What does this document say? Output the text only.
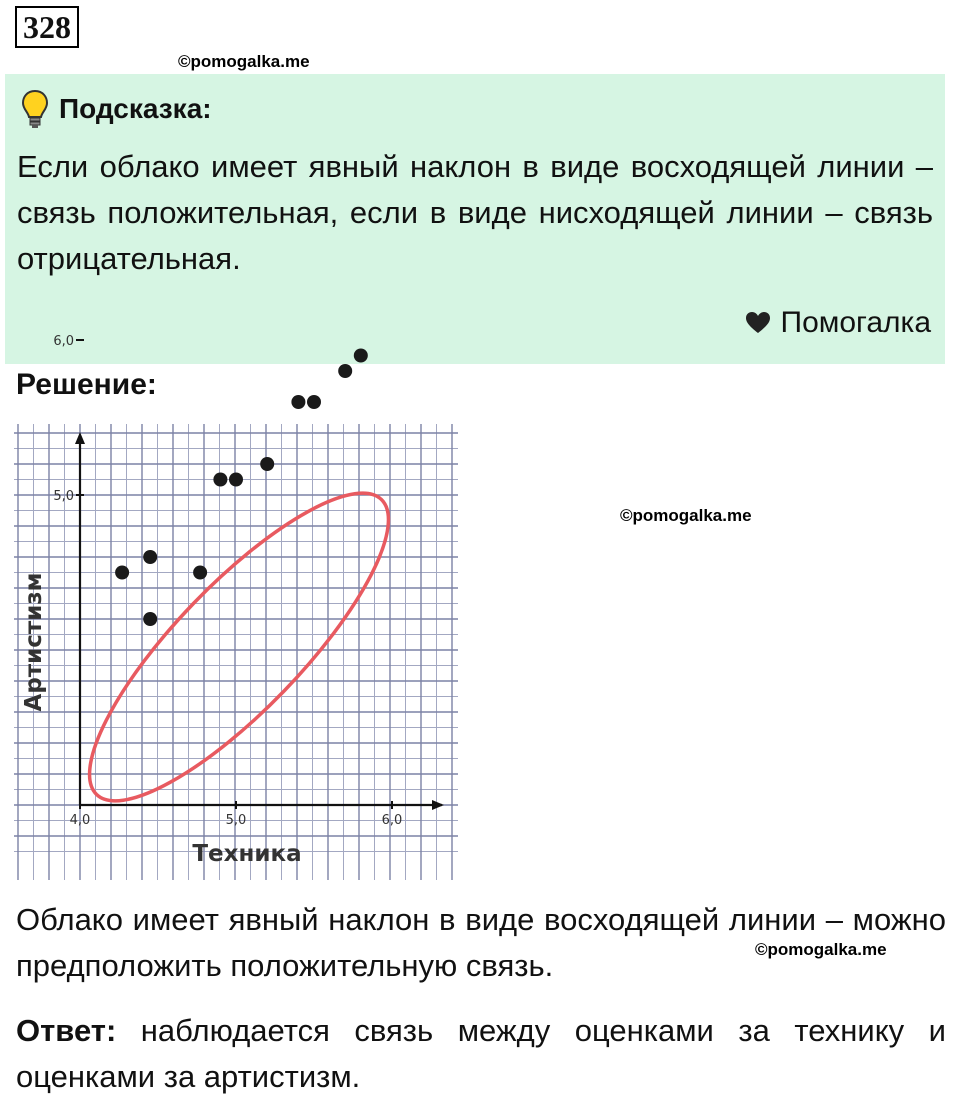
328
©pomogalka.me
Подсказка:
Если облако имеет явный наклон в виде восходящей линии – связь положительная, если в виде нисходящей линии – связь отрицательная.
Помогалка
Решение:
4,0	5,0	6,0
5,0
6,0
Техника
Артистизм
©pomogalka.me
Облако имеет явный наклон в виде восходящей линии – можно предположить положительную связь.	©pomogalka.me
Ответ: наблюдается связь между оценками за технику и оценками за артистизм.
